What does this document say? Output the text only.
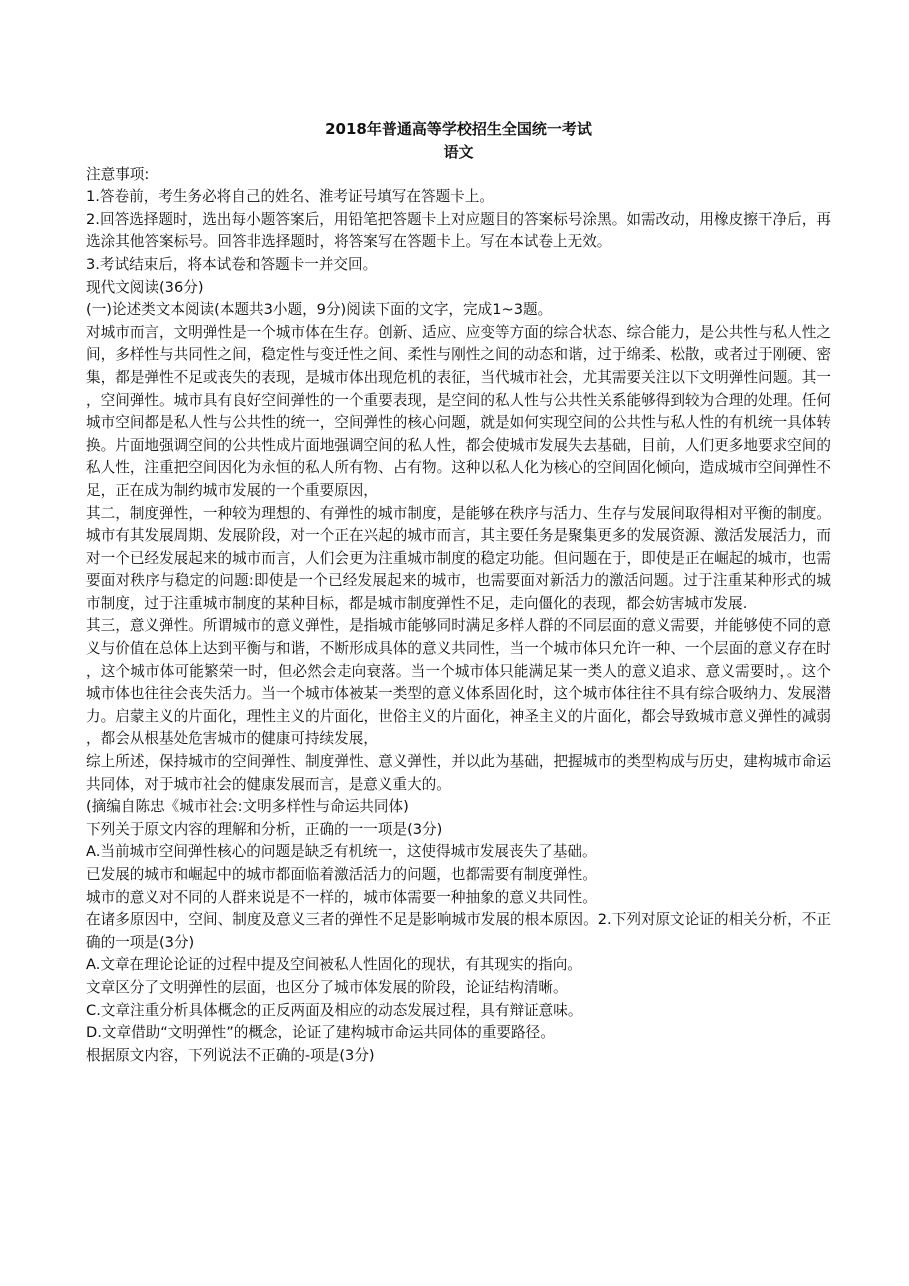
2018年普通高等学校招生全国统一考试

语文

注意事项:

1.答卷前，考生务必将自己的姓名、淮考证号填写在答题卡上。

2.回答选择题时，选出每小题答案后，用铅笔把答题卡上对应题目的答案标号涂黑。如需改动，用橡皮擦干净后，再选涂其他答案标号。回答非选择题时，将答案写在答题卡上。写在本试卷上无效。

3.考试结束后，将本试卷和答题卡一并交回。

现代文阅读(36分)

(一)论述类文本阅读(本题共3小题，9分)阅读下面的文字，完成1~3题。

对城市而言，文明弹性是一个城市体在生存。创新、适应、应变等方面的综合状态、综合能力，是公共性与私人性之间，多样性与共同性之间，稳定性与变迁性之间、柔性与刚性之间的动态和谐，过于绵柔、松散，或者过于刚硬、密集，都是弹性不足或丧失的表现，是城市体出现危机的表征，当代城市社会，尤其需要关注以下文明弹性问题。其一，空间弹性。城市具有良好空间弹性的一个重要表现，是空间的私人性与公共性关系能够得到较为合理的处理。任何城市空间都是私人性与公共性的统一，空间弹性的核心问题，就是如何实现空间的公共性与私人性的有机统一具体转换。片面地强调空间的公共性成片面地强调空间的私人性，都会使城市发展失去基础，目前，人们更多地要求空间的私人性，注重把空间因化为永恒的私人所有物、占有物。这种以私人化为核心的空间固化倾向，造成城市空间弹性不足，正在成为制约城市发展的一个重要原因，

其二，制度弹性，一种较为理想的、有弹性的城市制度，是能够在秩序与活力、生存与发展间取得相对平衡的制度。城市有其发展周期、发展阶段，对一个正在兴起的城市而言，其主要任务是聚集更多的发展资源、激活发展活力，而对一个已经发展起来的城市而言，人们会更为注重城市制度的稳定功能。但问题在于，即使是正在崛起的城市，也需要面对秩序与稳定的问题:即使是一个已经发展起来的城市，也需要面对新活力的激活问题。过于注重某种形式的城市制度，过于注重城市制度的某种目标，都是城市制度弹性不足，走向僵化的表现，都会妨害城市发展.

其三，意义弹性。所谓城市的意义弹性，是指城市能够同时满足多样人群的不同层面的意义需要，并能够使不同的意义与价值在总体上达到平衡与和谐，不断形成具体的意义共同性，当一个城市体只允许一种、一个层面的意义存在时，这个城市体可能繁荣一时，但必然会走向衰落。当一个城市体只能满足某一类人的意义追求、意义需要时，。这个城市体也往往会丧失活力。当一个城市体被某一类型的意义体系固化时，这个城市体往往不具有综合吸纳力、发展潜力。启蒙主义的片面化，理性主义的片面化，世俗主义的片面化，神圣主义的片面化，都会导致城市意义弹性的减弱，都会从根基处危害城市的健康可持续发展，

综上所述，保持城市的空间弹性、制度弹性、意义弹性，并以此为基础，把握城市的类型构成与历史，建构城市命运共同体，对于城市社会的健康发展而言，是意义重大的。

(摘编自陈忠《城市社会:文明多样性与命运共同体)

下列关于原文内容的理解和分析，正确的一一项是(3分)

A.当前城市空间弹性核心的问题是缺乏有机统一，这使得城市发展丧失了基础。

已发展的城市和崛起中的城市都面临着激活活力的问题，也都需要有制度弹性。

城市的意义对不同的人群来说是不一样的，城市体需要一种抽象的意义共同性。

在诸多原因中，空间、制度及意义三者的弹性不足是影响城市发展的根本原因。2.下列对原文论证的相关分析，不正确的一项是(3分)

A.文章在理论论证的过程中提及空间被私人性固化的现状，有其现实的指向。

文章区分了文明弹性的层面，也区分了城市体发展的阶段，论证结构清晰。

C.文章注重分析具体概念的正反两面及相应的动态发展过程，具有辩证意味。

D.文章借助“文明弹性”的概念，论证了建构城市命运共同体的重要路径。

根据原文内容，下列说法不正确的-项是(3分)
